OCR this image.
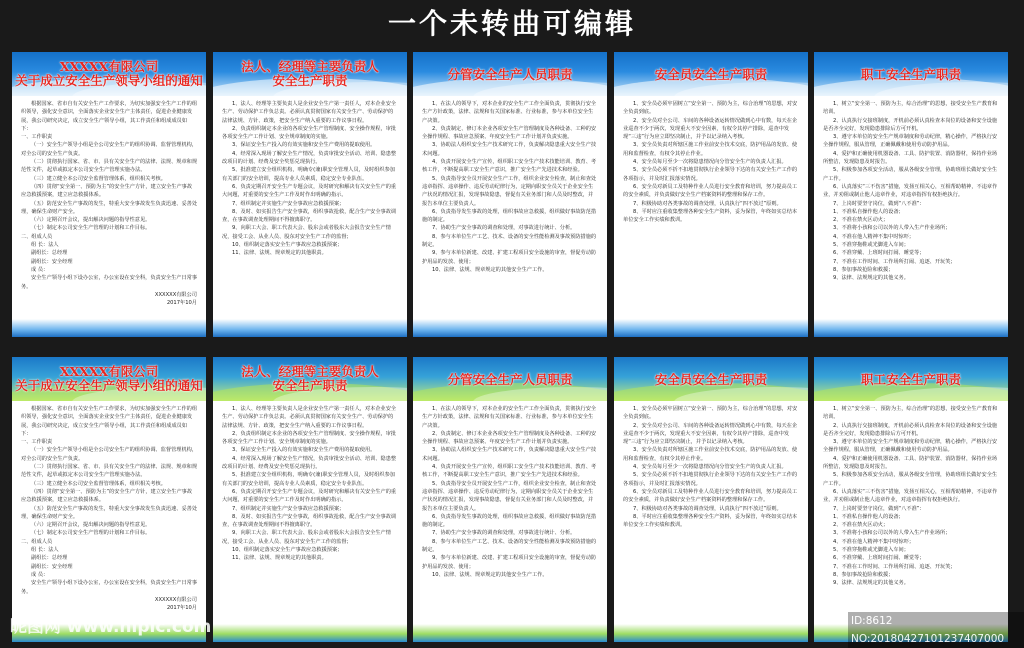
一个未转曲可编辑
XXXXX有限公司
关于成立安全生产领导小组的通知

根据国家、省市自有关安全生产工作要求，为切实加强安全生产工作的组织领导，强化安全意识，全面落实企业安全生产主体责任，促进企业健康发展，我公司研究决定，成立安全生产领导小组，其工作责任和组成成员如下：

一、工作职责

（一）安全生产领导小组是全公司安全生产的组织协调、监督管理机构，对全公司的安全生产负责。

（二）贯彻执行国家、省、市、县有关安全生产的法律、法规、规章和规范性文件，起草或拟定本公司安全生产管理实施办法。

（三）建立健全本公司安全监督管理体系，组织相关考核。

（四）贯彻“安全第一、预防为主”的安全生产方针，建立安全生产事故应急救援预案，建立应急救援体系。

（五）防范安全生产事故的发生，特重大安全事故发生负责迅速、妥善处理，确保生命财产安全。

（六）定期召开会议，提出解决问题的指导性意见。

（七）制定本公司安全生产管理的计划和工作目标。

二、组成人员

组 长：法人

副组长：总经理

副组长：安全经理

成 员：

安全生产领导小组下设办公室，办公室设在安全科，负责安全生产日常事务。

XXXXXX有限公司

2017年10月

法人、经理等主要负责人
安全生产职责

1、法人、经理等主要负责人是企业安全生产第一责任人，对本企业安全生产、劳动保护工作负总责。必须认真贯彻国家有关安全生产、劳动保护的法律法规、方针、政策，把安全生产纳入重要的工作议事日程。

2、负责组织制定本企业的各项安全生产管理制度、安全操作规程，审批各项安全生产工作计划、安全规章制度的实施。

3、保证安全生产投入的有效实施和安全生产费用的提取使用。

4、经常深入现场了解安全生产情况，负责审批安全活动、培训、隐患整改项目的计划、经费及安全奖惩兑现执行。

5、批准建立安全组织机构，明确专(兼)职安全管理人员，及时组织参加有关部门的安全培训，提高专业人员素质，稳定安全专业队伍。

6、负责定期召开安全生产专题会议，及时研究和解决有关安全生产的重大问题，对重要的安全生产工作及时作出明确的指示。

7、组织制定并实施生产安全事故应急救援预案；

8、及时、如实报告生产安全事故，组织事故抢救，配合生产安全事故调查，在事故调查处理期间不得擅离职守。

9、向职工大会、职工代表大会、股东会或者股东大会报告安全生产情况，接受工会、从业人员、股东对安全生产工作的监督；

10、组织制定落实安全生产事故应急救援预案；

11、法律、法规、规章规定的其他职责。

分管安全生产人员职责

1、在法人的领导下，对本企业的安全生产工作全面负责，贯彻执行安全生产方针政策，法律、法规和有关国家标准、行业标准，参与本单位安全生产决策。

2、负责制定、修订本企业各项安全生产管理制度及各种设备、工种的安全操作规程、事故应急预案、年度安全生产工作计划并负责实施。

3、协助法人组织安全生产技术研究工作，负责解决隐患重大安全生产技术问题。

4、负责开展安全生产宣传，组织职工安全生产技术技能培训、教育、考核工作，不断提高职工安全生产意识，推广安全生产先进技术和经验。

5、负责指导安全员开展安全生产工作，组织企业安全检查，制止和查处违章指挥、违章操作、违反劳动纪律行为，定期向职安全员关于企业安全生产状况的情况汇报，发现事故隐患，督促有关业务部门和人员及时整改，并报告本单位主要负责人。

6、负责指导发生事故的处理，组织事故应急救援，组织做好事故防范措施的制定。

7、协助生产安全事故的调查和处理，对事故进行统计、分析。

8、参与本单位生产工艺、技术、设备的安全性能检测及事故预防措施的制定。

9、参与本单位新建、改建、扩建工程项目安全设施的审查，督促劳动防护用品的发放、使用；

10、法律、法规、规章规定的其他安全生产工作。

安全员安全生产职责

1、安全员必须牢固树立“安全第一、预防为主，综合治理”的思想，对安全负责到底。

2、安全员对全公司、车间的各种设备运转情况做到心中有数，每天在企业巡查不少于两次，发现重大不安全因素，有权令其停产排除，巡查中发现“三违”行为应立即坚决制止，并予以记录纳入考核。

3、安全员负责对所辖区施工作业前安全技术交底，防护用品的发放、使用和监督检查，有权令其停止作业。

4、安全员每月至少一次将隐患情况向分管安全生产的负责人汇报。

5、安全员必须不折不扣地贯彻执行企业领导下达的有关安全生产工作的各项指示，并及时汇报落实情况。

6、安全员对新员工及特种作业人员进行安全教育和培训，努力提高员工的安全素质，并负责做好安全生产档案资料的整理和保存工作。

7、积极协助对各类事故的调查处理，认真执行“四不放过”原则。

8、平时应注重收集整理各种安全生产资料，妥为保管，年终如实总结本单位安全工作实绩和教训。

职工安全生产职责

1、树立“安全第一、预防为主，综合治理”的思想，接受安全生产教育和培训。

2、认真执行交接班制度，开机前必须认真检查本岗位的设备和安全设施是否齐全完好，发现隐患排除后方可开机。

3、遵守本单位的安全生产规章制度和劳动纪律，精心操作，严格执行安全操作规程，服从管理，正确佩戴和使用劳动防护用品。

4、爱护和正确使用机器设备、工具、防护装置、消防器材，保持作业场所整洁，发现隐患及时报告。

5、积极参加各项安全活动，服从各级安全管理，协助班组长做好安全生产工作。

6、认真落实“三不伤害”措施，发扬互相关心，互相帮助精神，不违章作业，并劝阻或制止他人违章作业，对违章指挥有权拒绝执行。

7、上岗时要坚守岗位，做到“八不准”：

1、不准私自操作他人的设备；

2、不准在禁火区动火；

3、不准将小孩和公司以外的人带入生产作业场所；

4、不准在他人精神不集中时惊吓；

5、不准穿拖鞋或光脚进入车间；

6、不准穿戴、上班时间打闹、睡觉等；

7、不准在工作时间、工作场所打闹、追逐、开玩笑；

8、参加事故抢险和救援；

9、法律、法规规定的其他义务。

XXXXX有限公司
关于成立安全生产领导小组的通知

根据国家、省市自有关安全生产工作要求，为切实加强安全生产工作的组织领导，强化安全意识，全面落实企业安全生产主体责任，促进企业健康发展，我公司研究决定，成立安全生产领导小组，其工作责任和组成成员如下：

一、工作职责

（一）安全生产领导小组是全公司安全生产的组织协调、监督管理机构，对全公司的安全生产负责。

（二）贯彻执行国家、省、市、县有关安全生产的法律、法规、规章和规范性文件，起草或拟定本公司安全生产管理实施办法。

（三）建立健全本公司安全监督管理体系，组织相关考核。

（四）贯彻“安全第一、预防为主”的安全生产方针，建立安全生产事故应急救援预案，建立应急救援体系。

（五）防范安全生产事故的发生，特重大安全事故发生负责迅速、妥善处理，确保生命财产安全。

（六）定期召开会议，提出解决问题的指导性意见。

（七）制定本公司安全生产管理的计划和工作目标。

二、组成人员

组 长：法人

副组长：总经理

副组长：安全经理

成 员：

安全生产领导小组下设办公室，办公室设在安全科，负责安全生产日常事务。

XXXXXX有限公司

2017年10月

法人、经理等主要负责人
安全生产职责

1、法人、经理等主要负责人是企业安全生产第一责任人，对本企业安全生产、劳动保护工作负总责。必须认真贯彻国家有关安全生产、劳动保护的法律法规、方针、政策，把安全生产纳入重要的工作议事日程。

2、负责组织制定本企业的各项安全生产管理制度、安全操作规程，审批各项安全生产工作计划、安全规章制度的实施。

3、保证安全生产投入的有效实施和安全生产费用的提取使用。

4、经常深入现场了解安全生产情况，负责审批安全活动、培训、隐患整改项目的计划、经费及安全奖惩兑现执行。

5、批准建立安全组织机构，明确专(兼)职安全管理人员，及时组织参加有关部门的安全培训，提高专业人员素质，稳定安全专业队伍。

6、负责定期召开安全生产专题会议，及时研究和解决有关安全生产的重大问题，对重要的安全生产工作及时作出明确的指示。

7、组织制定并实施生产安全事故应急救援预案；

8、及时、如实报告生产安全事故，组织事故抢救，配合生产安全事故调查，在事故调查处理期间不得擅离职守。

9、向职工大会、职工代表大会、股东会或者股东大会报告安全生产情况，接受工会、从业人员、股东对安全生产工作的监督；

10、组织制定落实安全生产事故应急救援预案；

11、法律、法规、规章规定的其他职责。

分管安全生产人员职责

1、在法人的领导下，对本企业的安全生产工作全面负责，贯彻执行安全生产方针政策，法律、法规和有关国家标准、行业标准，参与本单位安全生产决策。

2、负责制定、修订本企业各项安全生产管理制度及各种设备、工种的安全操作规程、事故应急预案、年度安全生产工作计划并负责实施。

3、协助法人组织安全生产技术研究工作，负责解决隐患重大安全生产技术问题。

4、负责开展安全生产宣传，组织职工安全生产技术技能培训、教育、考核工作，不断提高职工安全生产意识，推广安全生产先进技术和经验。

5、负责指导安全员开展安全生产工作，组织企业安全检查，制止和查处违章指挥、违章操作、违反劳动纪律行为，定期向职安全员关于企业安全生产状况的情况汇报，发现事故隐患，督促有关业务部门和人员及时整改，并报告本单位主要负责人。

6、负责指导发生事故的处理，组织事故应急救援，组织做好事故防范措施的制定。

7、协助生产安全事故的调查和处理，对事故进行统计、分析。

8、参与本单位生产工艺、技术、设备的安全性能检测及事故预防措施的制定。

9、参与本单位新建、改建、扩建工程项目安全设施的审查，督促劳动防护用品的发放、使用；

10、法律、法规、规章规定的其他安全生产工作。

安全员安全生产职责

1、安全员必须牢固树立“安全第一、预防为主，综合治理”的思想，对安全负责到底。

2、安全员对全公司、车间的各种设备运转情况做到心中有数，每天在企业巡查不少于两次，发现重大不安全因素，有权令其停产排除，巡查中发现“三违”行为应立即坚决制止，并予以记录纳入考核。

3、安全员负责对所辖区施工作业前安全技术交底，防护用品的发放、使用和监督检查，有权令其停止作业。

4、安全员每月至少一次将隐患情况向分管安全生产的负责人汇报。

5、安全员必须不折不扣地贯彻执行企业领导下达的有关安全生产工作的各项指示，并及时汇报落实情况。

6、安全员对新员工及特种作业人员进行安全教育和培训，努力提高员工的安全素质，并负责做好安全生产档案资料的整理和保存工作。

7、积极协助对各类事故的调查处理，认真执行“四不放过”原则。

8、平时应注重收集整理各种安全生产资料，妥为保管，年终如实总结本单位安全工作实绩和教训。

职工安全生产职责

1、树立“安全第一、预防为主，综合治理”的思想，接受安全生产教育和培训。

2、认真执行交接班制度，开机前必须认真检查本岗位的设备和安全设施是否齐全完好，发现隐患排除后方可开机。

3、遵守本单位的安全生产规章制度和劳动纪律，精心操作，严格执行安全操作规程，服从管理，正确佩戴和使用劳动防护用品。

4、爱护和正确使用机器设备、工具、防护装置、消防器材，保持作业场所整洁，发现隐患及时报告。

5、积极参加各项安全活动，服从各级安全管理，协助班组长做好安全生产工作。

6、认真落实“三不伤害”措施，发扬互相关心，互相帮助精神，不违章作业，并劝阻或制止他人违章作业，对违章指挥有权拒绝执行。

7、上岗时要坚守岗位，做到“八不准”：

1、不准私自操作他人的设备；

2、不准在禁火区动火；

3、不准将小孩和公司以外的人带入生产作业场所；

4、不准在他人精神不集中时惊吓；

5、不准穿拖鞋或光脚进入车间；

6、不准穿戴、上班时间打闹、睡觉等；

7、不准在工作时间、工作场所打闹、追逐、开玩笑；

8、参加事故抢险和救援；

9、法律、法规规定的其他义务。

昵图网 www.nipic.com	ID:8612 NO:20180427101237407000
